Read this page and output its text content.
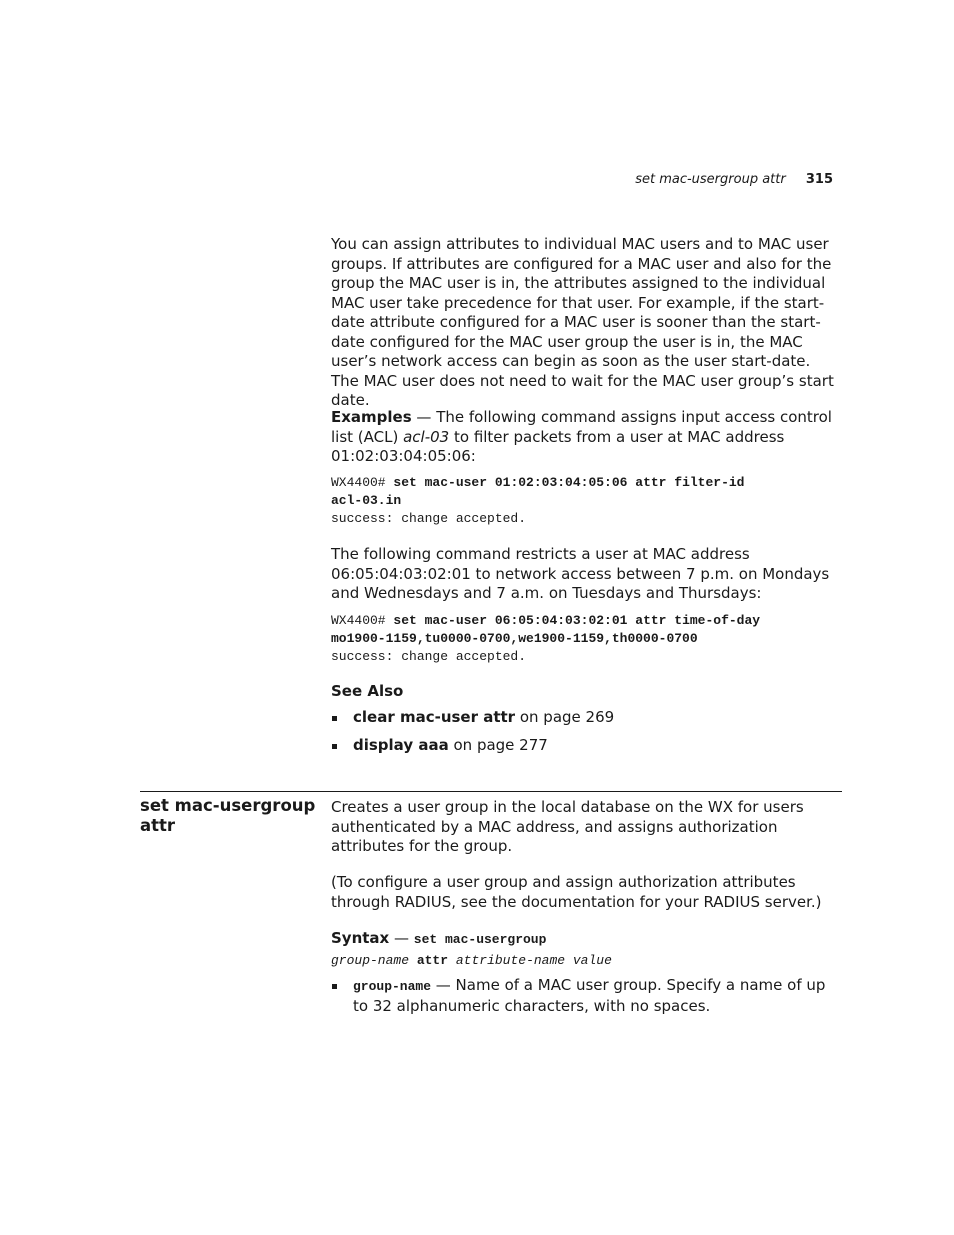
set mac-usergroup attr 315

You can assign attributes to individual MAC users and to MAC user groups. If attributes are configured for a MAC user and also for the group the MAC user is in, the attributes assigned to the individual MAC user take precedence for that user. For example, if the start-date attribute configured for a MAC user is sooner than the start-date configured for the MAC user group the user is in, the MAC user’s network access can begin as soon as the user start-date. The MAC user does not need to wait for the MAC user group’s start date.

Examples — The following command assigns input access control list (ACL) acl-03 to filter packets from a user at MAC address 01:02:03:04:05:06:

WX4400# set mac-user 01:02:03:04:05:06 attr filter-id
acl-03.in
success: change accepted.

The following command restricts a user at MAC address 06:05:04:03:02:01 to network access between 7 p.m. on Mondays and Wednesdays and 7 a.m. on Tuesdays and Thursdays:

WX4400# set mac-user 06:05:04:03:02:01 attr time-of-day
mo1900-1159,tu0000-0700,we1900-1159,th0000-0700
success: change accepted.
See Also
clear mac-user attr on page 269
display aaa on page 277
set mac-usergroup
attr

Creates a user group in the local database on the WX for users authenticated by a MAC address, and assigns authorization attributes for the group.

(To configure a user group and assign authorization attributes through RADIUS, see the documentation for your RADIUS server.)

Syntax — set mac-usergroup
group-name attr attribute-name value
group-name — Name of a MAC user group. Specify a name of up to 32 alphanumeric characters, with no spaces.
